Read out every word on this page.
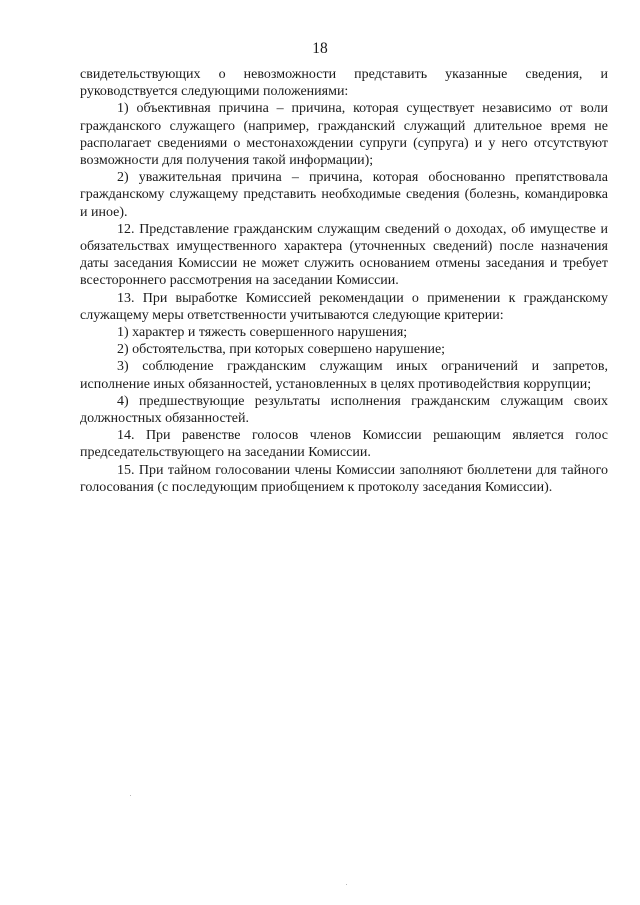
18

свидетельствующих о невозможности представить указанные сведения, и руководствуется следующими положениями:

1) объективная причина – причина, которая существует независимо от воли гражданского служащего (например, гражданский служащий длительное время не располагает сведениями о местонахождении супруги (супруга) и у него отсутствуют возможности для получения такой информации);

2) уважительная причина – причина, которая обоснованно препятствовала гражданскому служащему представить необходимые сведения (болезнь, командировка и иное).

12. Представление гражданским служащим сведений о доходах, об имуществе и обязательствах имущественного характера (уточненных сведений) после назначения даты заседания Комиссии не может служить основанием отмены заседания и требует всестороннего рассмотрения на заседании Комиссии.

13. При выработке Комиссией рекомендации о применении к гражданскому служащему меры ответственности учитываются следующие критерии:

1) характер и тяжесть совершенного нарушения;

2) обстоятельства, при которых совершено нарушение;

3) соблюдение гражданским служащим иных ограничений и запретов, исполнение иных обязанностей, установленных в целях противодействия коррупции;

4) предшествующие результаты исполнения гражданским служащим своих должностных обязанностей.

14. При равенстве голосов членов Комиссии решающим является голос председательствующего на заседании Комиссии.

15. При тайном голосовании члены Комиссии заполняют бюллетени для тайного голосования (с последующим приобщением к протоколу заседания Комиссии).
